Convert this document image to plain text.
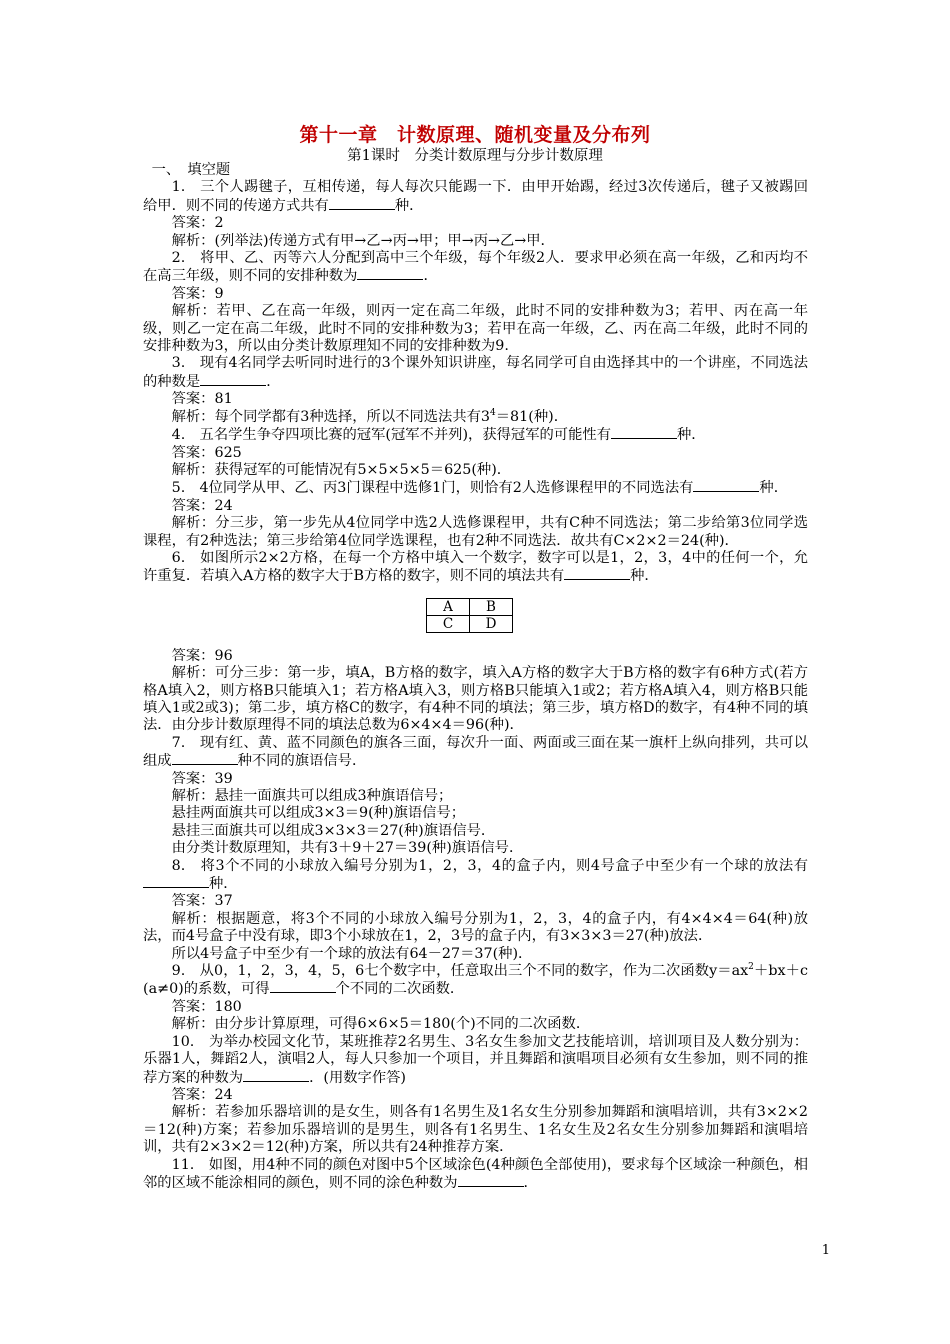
第十一章　计数原理、随机变量及分布列
第1课时　分类计数原理与分步计数原理

一、　填空题

1.　三个人踢毽子，互相传递，每人每次只能踢一下．由甲开始踢，经过3次传递后，毽子又被踢回给甲．则不同的传递方式共有	种．

答案：2

解析：(列举法)传递方式有甲→乙→丙→甲；甲→丙→乙→甲．

2.　将甲、乙、丙等六人分配到高中三个年级，每个年级2人．要求甲必须在高一年级，乙和丙均不在高三年级，则不同的安排种数为	．

答案：9

解析：若甲、乙在高一年级，则丙一定在高二年级，此时不同的安排种数为3；若甲、丙在高一年级，则乙一定在高二年级，此时不同的安排种数为3；若甲在高一年级，乙、丙在高二年级，此时不同的安排种数为3，所以由分类计数原理知不同的安排种数为9.

3.　现有4名同学去听同时进行的3个课外知识讲座，每名同学可自由选择其中的一个讲座，不同选法的种数是	．

答案：81

解析：每个同学都有3种选择，所以不同选法共有$3^4=81$(种)．

4.　五名学生争夺四项比赛的冠军(冠军不并列)，获得冠军的可能性有	种．

答案：625

解析：获得冠军的可能情况有5×5×5×5＝625(种)．

5.　4位同学从甲、乙、丙3门课程中选修1门，则恰有2人选修课程甲的不同选法有	种．

答案：24

解析：分三步，第一步先从4位同学中选2人选修课程甲，共有C种不同选法；第二步给第3位同学选课程，有2种选法；第三步给第4位同学选课程，也有2种不同选法．故共有C×2×2＝24(种)．

6.　如图所示2×2方格，在每一个方格中填入一个数字，数字可以是1，2，3，4中的任何一个，允许重复．若填入A方格的数字大于B方格的数字，则不同的填法共有	种．

A	B
C	D

答案：96

解析：可分三步：第一步，填A，B方格的数字，填入A方格的数字大于B方格的数字有6种方式(若方格A填入2，则方格B只能填入1；若方格A填入3，则方格B只能填入1或2；若方格A填入4，则方格B只能填入1或2或3)；第二步，填方格C的数字，有4种不同的填法；第三步，填方格D的数字，有4种不同的填法．由分步计数原理得不同的填法总数为6×4×4＝96(种)．

7.　现有红、黄、蓝不同颜色的旗各三面，每次升一面、两面或三面在某一旗杆上纵向排列，共可以组成	种不同的旗语信号．

答案：39

解析：悬挂一面旗共可以组成3种旗语信号；

悬挂两面旗共可以组成3×3＝9(种)旗语信号；

悬挂三面旗共可以组成3×3×3＝27(种)旗语信号．

由分类计数原理知，共有3＋9＋27＝39(种)旗语信号．

8.　将3个不同的小球放入编号分别为1，2，3，4的盒子内，则4号盒子中至少有一个球的放法有种．

答案：37

解析：根据题意，将3个不同的小球放入编号分别为1，2，3，4的盒子内，有4×4×4＝64(种)放法，而4号盒子中没有球，即3个小球放在1，2，3号的盒子内，有3×3×3＝27(种)放法．

所以4号盒子中至少有一个球的放法有64－27＝37(种)．

9.　从0，1，2，3，4，5，6七个数字中，任意取出三个不同的数字，作为二次函数$y=ax^2+bx+c(a\ne 0)$的系数，可得	个不同的二次函数．

答案：180

解析：由分步计算原理，可得6×6×5＝180(个)不同的二次函数．

10.　为举办校园文化节，某班推荐2名男生、3名女生参加文艺技能培训，培训项目及人数分别为：乐器1人，舞蹈2人，演唱2人，每人只参加一个项目，并且舞蹈和演唱项目必须有女生参加，则不同的推荐方案的种数为	．(用数字作答)

答案：24

解析：若参加乐器培训的是女生，则各有1名男生及1名女生分别参加舞蹈和演唱培训，共有3×2×2＝12(种)方案；若参加乐器培训的是男生，则各有1名男生、1名女生及2名女生分别参加舞蹈和演唱培训，共有2×3×2＝12(种)方案，所以共有24种推荐方案．

11.　如图，用4种不同的颜色对图中5个区域涂色(4种颜色全部使用)，要求每个区域涂一种颜色，相邻的区域不能涂相同的颜色，则不同的涂色种数为	．

1
